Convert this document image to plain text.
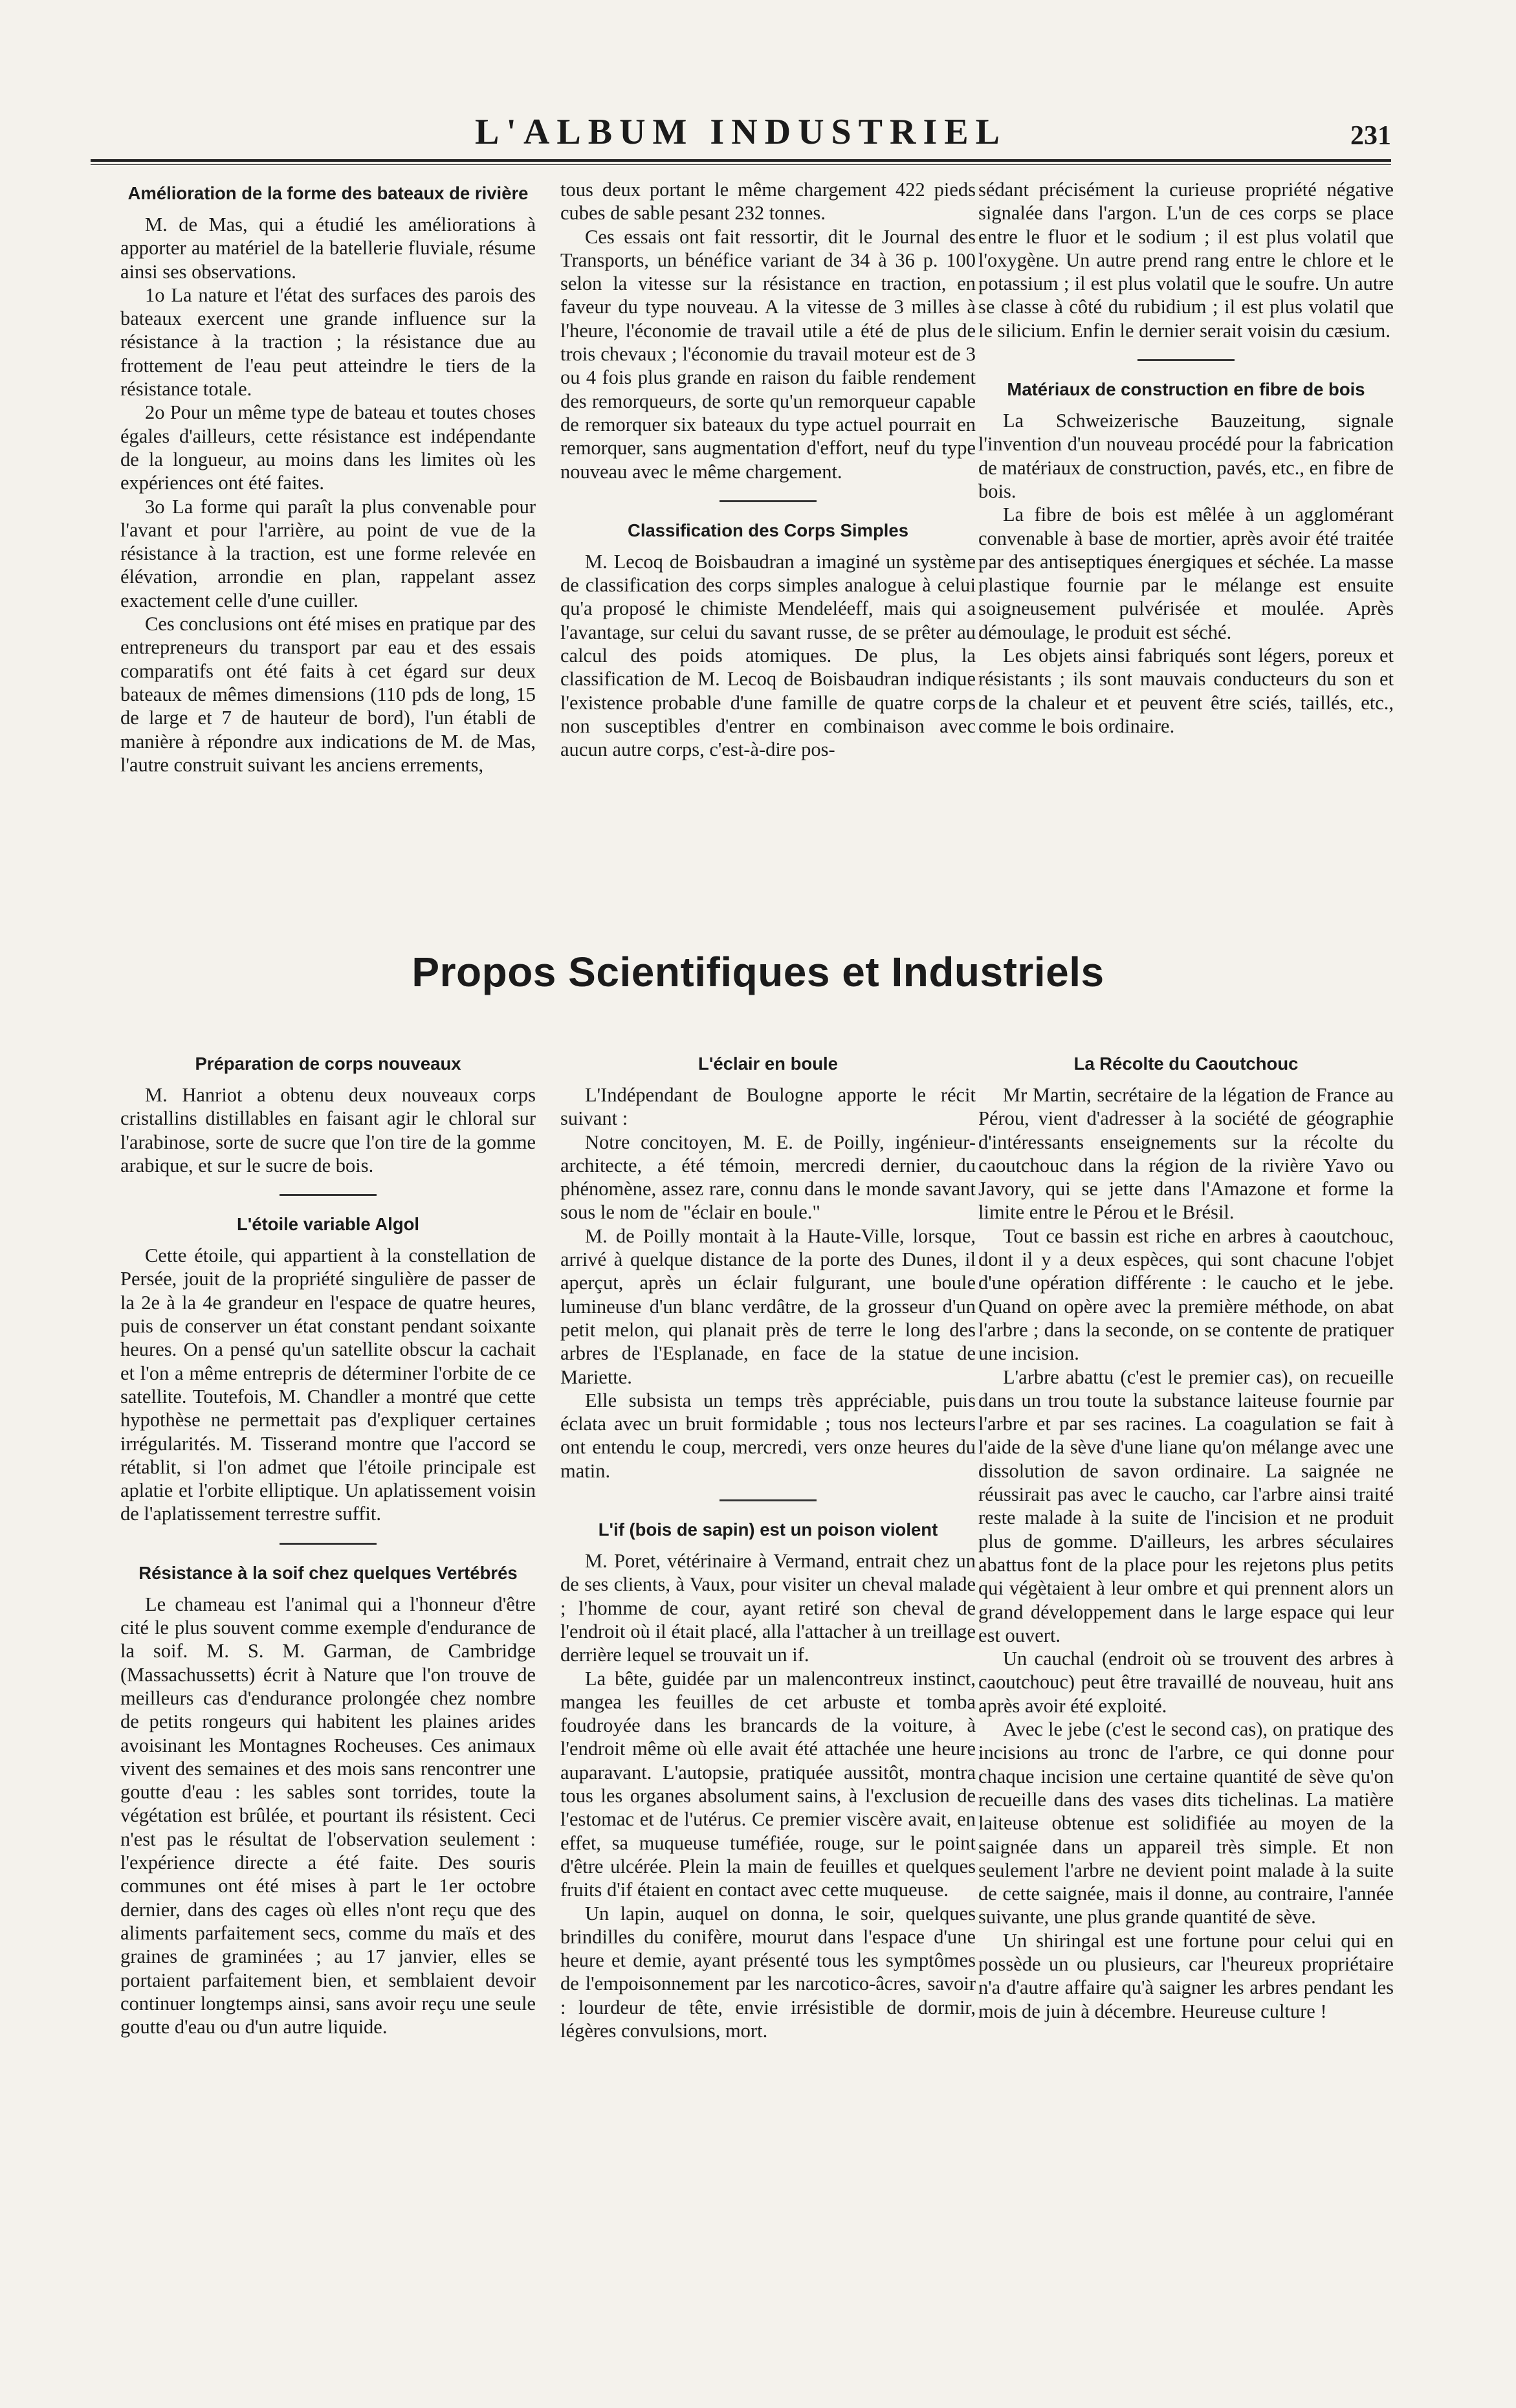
L'ALBUM INDUSTRIEL	231
Amélioration de la forme des bateaux de rivière

M. de Mas, qui a étudié les améliorations à apporter au matériel de la batellerie fluviale, résume ainsi ses observations.

1o La nature et l'état des surfaces des parois des bateaux exercent une grande influence sur la résistance à la traction ; la résistance due au frottement de l'eau peut atteindre le tiers de la résistance totale.

2o Pour un même type de bateau et toutes choses égales d'ailleurs, cette résistance est indépendante de la longueur, au moins dans les limites où les expériences ont été faites.

3o La forme qui paraît la plus convenable pour l'avant et pour l'arrière, au point de vue de la résistance à la traction, est une forme relevée en élévation, arrondie en plan, rappelant assez exactement celle d'une cuiller.

Ces conclusions ont été mises en pratique par des entrepreneurs du transport par eau et des essais comparatifs ont été faits à cet égard sur deux bateaux de mêmes dimensions (110 pds de long, 15 de large et 7 de hauteur de bord), l'un établi de manière à répondre aux indications de M. de Mas, l'autre construit suivant les anciens errements,

tous deux portant le même chargement 422 pieds cubes de sable pesant 232 tonnes.

Ces essais ont fait ressortir, dit le Journal des Transports, un bénéfice variant de 34 à 36 p. 100 selon la vitesse sur la résistance en traction, en faveur du type nouveau. A la vitesse de 3 milles à l'heure, l'économie de travail utile a été de plus de trois chevaux ; l'économie du travail moteur est de 3 ou 4 fois plus grande en raison du faible rendement des remorqueurs, de sorte qu'un remorqueur capable de remorquer six bateaux du type actuel pourrait en remorquer, sans augmentation d'effort, neuf du type nouveau avec le même chargement.

Classification des Corps Simples

M. Lecoq de Boisbaudran a imaginé un système de classification des corps simples analogue à celui qu'a proposé le chimiste Mendeléeff, mais qui a l'avantage, sur celui du savant russe, de se prêter au calcul des poids atomiques. De plus, la classification de M. Lecoq de Boisbaudran indique l'existence probable d'une famille de quatre corps non susceptibles d'entrer en combinaison avec aucun autre corps, c'est-à-dire pos-

sédant précisément la curieuse propriété négative signalée dans l'argon. L'un de ces corps se place entre le fluor et le sodium ; il est plus volatil que l'oxygène. Un autre prend rang entre le chlore et le potassium ; il est plus volatil que le soufre. Un autre se classe à côté du rubidium ; il est plus volatil que le silicium. Enfin le dernier serait voisin du cæsium.

Matériaux de construction en fibre de bois

La Schweizerische Bauzeitung, signale l'invention d'un nouveau procédé pour la fabrication de matériaux de construction, pavés, etc., en fibre de bois.

La fibre de bois est mêlée à un agglomérant convenable à base de mortier, après avoir été traitée par des antiseptiques énergiques et séchée. La masse plastique fournie par le mélange est ensuite soigneusement pulvérisée et moulée. Après démoulage, le produit est séché.

Les objets ainsi fabriqués sont légers, poreux et résistants ; ils sont mauvais conducteurs du son et de la chaleur et et peuvent être sciés, taillés, etc., comme le bois ordinaire.

Propos Scientifiques et Industriels
Préparation de corps nouveaux

M. Hanriot a obtenu deux nouveaux corps cristallins distillables en faisant agir le chloral sur l'arabinose, sorte de sucre que l'on tire de la gomme arabique, et sur le sucre de bois.

L'étoile variable Algol

Cette étoile, qui appartient à la constellation de Persée, jouit de la propriété singulière de passer de la 2e à la 4e grandeur en l'espace de quatre heures, puis de conserver un état constant pendant soixante heures. On a pensé qu'un satellite obscur la cachait et l'on a même entrepris de déterminer l'orbite de ce satellite. Toutefois, M. Chandler a montré que cette hypothèse ne permettait pas d'expliquer certaines irrégularités. M. Tisserand montre que l'accord se rétablit, si l'on admet que l'étoile principale est aplatie et l'orbite elliptique. Un aplatissement voisin de l'aplatissement terrestre suffit.

Résistance à la soif chez quelques Vertébrés

Le chameau est l'animal qui a l'honneur d'être cité le plus souvent comme exemple d'endurance de la soif. M. S. M. Garman, de Cambridge (Massachussetts) écrit à Nature que l'on trouve de meilleurs cas d'endurance prolongée chez nombre de petits rongeurs qui habitent les plaines arides avoisinant les Montagnes Rocheuses. Ces animaux vivent des semaines et des mois sans rencontrer une goutte d'eau : les sables sont torrides, toute la végétation est brûlée, et pourtant ils résistent. Ceci n'est pas le résultat de l'observation seulement : l'expérience directe a été faite. Des souris communes ont été mises à part le 1er octobre dernier, dans des cages où elles n'ont reçu que des aliments parfaitement secs, comme du maïs et des graines de graminées ; au 17 janvier, elles se portaient parfaitement bien, et semblaient devoir continuer longtemps ainsi, sans avoir reçu une seule goutte d'eau ou d'un autre liquide.

L'éclair en boule

L'Indépendant de Boulogne apporte le récit suivant :

Notre concitoyen, M. E. de Poilly, ingénieur-architecte, a été témoin, mercredi dernier, du phénomène, assez rare, connu dans le monde savant sous le nom de "éclair en boule."

M. de Poilly montait à la Haute-Ville, lorsque, arrivé à quelque distance de la porte des Dunes, il aperçut, après un éclair fulgurant, une boule lumineuse d'un blanc verdâtre, de la grosseur d'un petit melon, qui planait près de terre le long des arbres de l'Esplanade, en face de la statue de Mariette.

Elle subsista un temps très appréciable, puis éclata avec un bruit formidable ; tous nos lecteurs ont entendu le coup, mercredi, vers onze heures du matin.

L'if (bois de sapin) est un poison violent

M. Poret, vétérinaire à Vermand, entrait chez un de ses clients, à Vaux, pour visiter un cheval malade ; l'homme de cour, ayant retiré son cheval de l'endroit où il était placé, alla l'attacher à un treillage derrière lequel se trouvait un if.

La bête, guidée par un malencontreux instinct, mangea les feuilles de cet arbuste et tomba foudroyée dans les brancards de la voiture, à l'endroit même où elle avait été attachée une heure auparavant. L'autopsie, pratiquée aussitôt, montra tous les organes absolument sains, à l'exclusion de l'estomac et de l'utérus. Ce premier viscère avait, en effet, sa muqueuse tuméfiée, rouge, sur le point d'être ulcérée. Plein la main de feuilles et quelques fruits d'if étaient en contact avec cette muqueuse.

Un lapin, auquel on donna, le soir, quelques brindilles du conifère, mourut dans l'espace d'une heure et demie, ayant présenté tous les symptômes de l'empoisonnement par les narcotico-âcres, savoir : lourdeur de tête, envie irrésistible de dormir, légères convulsions, mort.

La Récolte du Caoutchouc

Mr Martin, secrétaire de la légation de France au Pérou, vient d'adresser à la société de géographie d'intéressants enseignements sur la récolte du caoutchouc dans la région de la rivière Yavo ou Javory, qui se jette dans l'Amazone et forme la limite entre le Pérou et le Brésil.

Tout ce bassin est riche en arbres à caoutchouc, dont il y a deux espèces, qui sont chacune l'objet d'une opération différente : le caucho et le jebe. Quand on opère avec la première méthode, on abat l'arbre ; dans la seconde, on se contente de pratiquer une incision.

L'arbre abattu (c'est le premier cas), on recueille dans un trou toute la substance laiteuse fournie par l'arbre et par ses racines. La coagulation se fait à l'aide de la sève d'une liane qu'on mélange avec une dissolution de savon ordinaire. La saignée ne réussirait pas avec le caucho, car l'arbre ainsi traité reste malade à la suite de l'incision et ne produit plus de gomme. D'ailleurs, les arbres séculaires abattus font de la place pour les rejetons plus petits qui végètaient à leur ombre et qui prennent alors un grand développement dans le large espace qui leur est ouvert.

Un cauchal (endroit où se trouvent des arbres à caoutchouc) peut être travaillé de nouveau, huit ans après avoir été exploité.

Avec le jebe (c'est le second cas), on pratique des incisions au tronc de l'arbre, ce qui donne pour chaque incision une certaine quantité de sève qu'on recueille dans des vases dits tichelinas. La matière laiteuse obtenue est solidifiée au moyen de la saignée dans un appareil très simple. Et non seulement l'arbre ne devient point malade à la suite de cette saignée, mais il donne, au contraire, l'année suivante, une plus grande quantité de sève.

Un shiringal est une fortune pour celui qui en possède un ou plusieurs, car l'heureux propriétaire n'a d'autre affaire qu'à saigner les arbres pendant les mois de juin à décembre. Heureuse culture !
